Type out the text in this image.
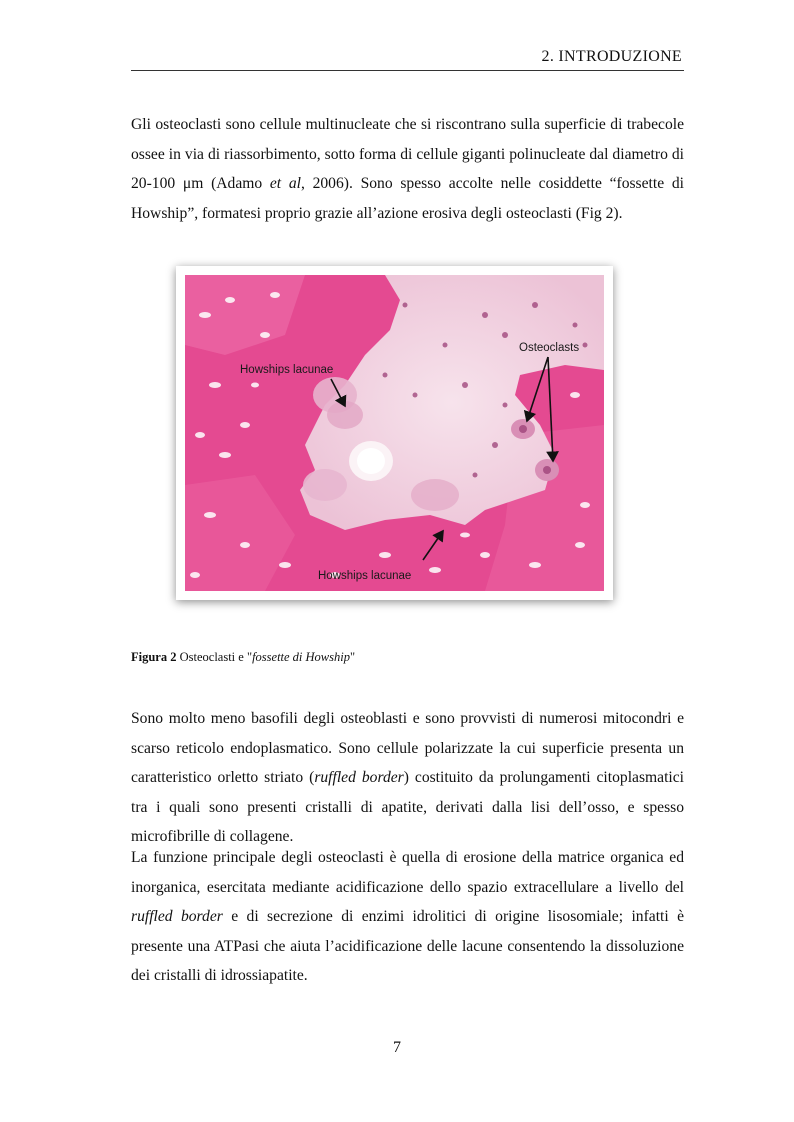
2. INTRODUZIONE

Gli osteoclasti sono cellule multinucleate che si riscontrano sulla superficie di trabecole ossee in via di riassorbimento, sotto forma di cellule giganti polinucleate dal diametro di 20-100 μm (Adamo et al, 2006). Sono spesso accolte nelle cosiddette “fossette di Howship”, formatesi proprio grazie all’azione erosiva degli osteoclasti (Fig 2).

Howships lacunae
Osteoclasts
Howships lacunae
Figura 2 Osteoclasti e "fossette di Howship"

Sono molto meno basofili degli osteoblasti e sono provvisti di numerosi mitocondri e scarso reticolo endoplasmatico. Sono cellule polarizzate la cui superficie presenta un caratteristico orletto striato (ruffled border) costituito da prolungamenti citoplasmatici tra i quali sono presenti cristalli di apatite, derivati dalla lisi dell’osso, e spesso microfibrille di collagene.

La funzione principale degli osteoclasti è quella di erosione della matrice organica ed inorganica, esercitata mediante acidificazione dello spazio extracellulare a livello del ruffled border e di secrezione di enzimi idrolitici di origine lisosomiale; infatti è presente una ATPasi che aiuta l’acidificazione delle lacune consentendo la dissoluzione dei cristalli di idrossiapatite.

7
